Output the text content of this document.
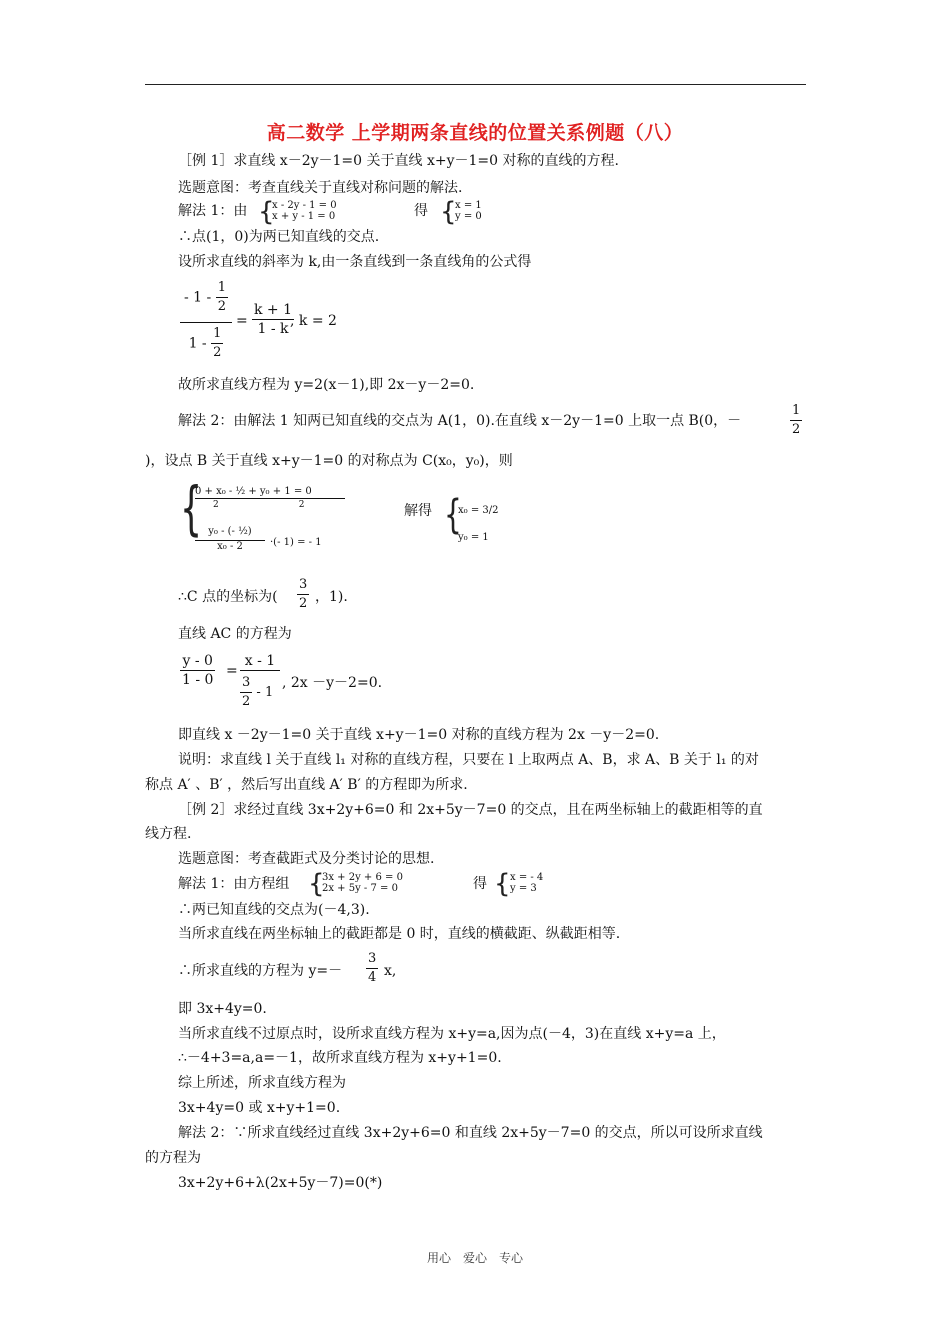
高二数学 上学期两条直线的位置关系例题（八）
［例 1］求直线 x－2y－1=0 关于直线 x+y－1=0 对称的直线的方程.
选题意图：考查直线关于直线对称问题的解法.
解法 1：由 {
x - 2y - 1 = 0
x + y - 1 = 0	得 {
x = 1
y = 0
∴点(1，0)为两已知直线的交点.
设所求直线的斜率为 k,由一条直线到一条直线角的公式得
- $1 - \frac{1}{2}$
$1 - \frac{1}{2}$
= $\frac{k + 1}{1 - k}$
, k = 2
故所求直线方程为 y=2(x－1),即 2x－y－2=0.
解法 2：由解法 1 知两已知直线的交点为 A(1，0).在直线 x－2y－1=0 上取一点 B(0，－	$\frac{1}{2}$
)，设点 B 关于直线 x+y－1=0 的对称点为 C(x₀，y₀)，则
{
0 + x₀ - ½ + y₀ + 1 = 0
2	2
y₀ - (- ½)
x₀ - 2	·(- 1) = - 1
解得 {
x₀ = 3/2
y₀ = 1
∴C 点的坐标为( $\frac{3}{2}$ ，1).
直线 AC 的方程为
$\frac{y - 0}{1 - 0}$ =
x - 1
$\frac{3}{2} - 1$
, 2x －y－2=0.
即直线 x －2y－1=0 关于直线 x+y－1=0 对称的直线方程为 2x －y－2=0.
说明：求直线 l 关于直线 l₁ 对称的直线方程，只要在 l 上取两点 A、B，求 A、B 关于 l₁ 的对
称点 A′ 、B′ ，然后写出直线 A′ B′ 的方程即为所求.
［例 2］求经过直线 3x+2y+6=0 和 2x+5y－7=0 的交点，且在两坐标轴上的截距相等的直
线方程.
选题意图：考查截距式及分类讨论的思想.
解法 1：由方程组 {
3x + 2y + 6 = 0
2x + 5y - 7 = 0	得 { x = - 4
y = 3
∴两已知直线的交点为(－4,3).
当所求直线在两坐标轴上的截距都是 0 时，直线的横截距、纵截距相等.
∴所求直线的方程为 $y=- \frac{3}{4} x$,
即 3x+4y=0.
当所求直线不过原点时，设所求直线方程为 x+y=a,因为点(－4，3)在直线 x+y=a 上，
∴－4+3=a,a=－1，故所求直线方程为 x+y+1=0.
综上所述，所求直线方程为
3x+4y=0 或 x+y+1=0.
解法 2：∵所求直线经过直线 3x+2y+6=0 和直线 2x+5y－7=0 的交点，所以可设所求直线
的方程为
3x+2y+6+λ(2x+5y－7)=0(*)
用心　爱心　专心
